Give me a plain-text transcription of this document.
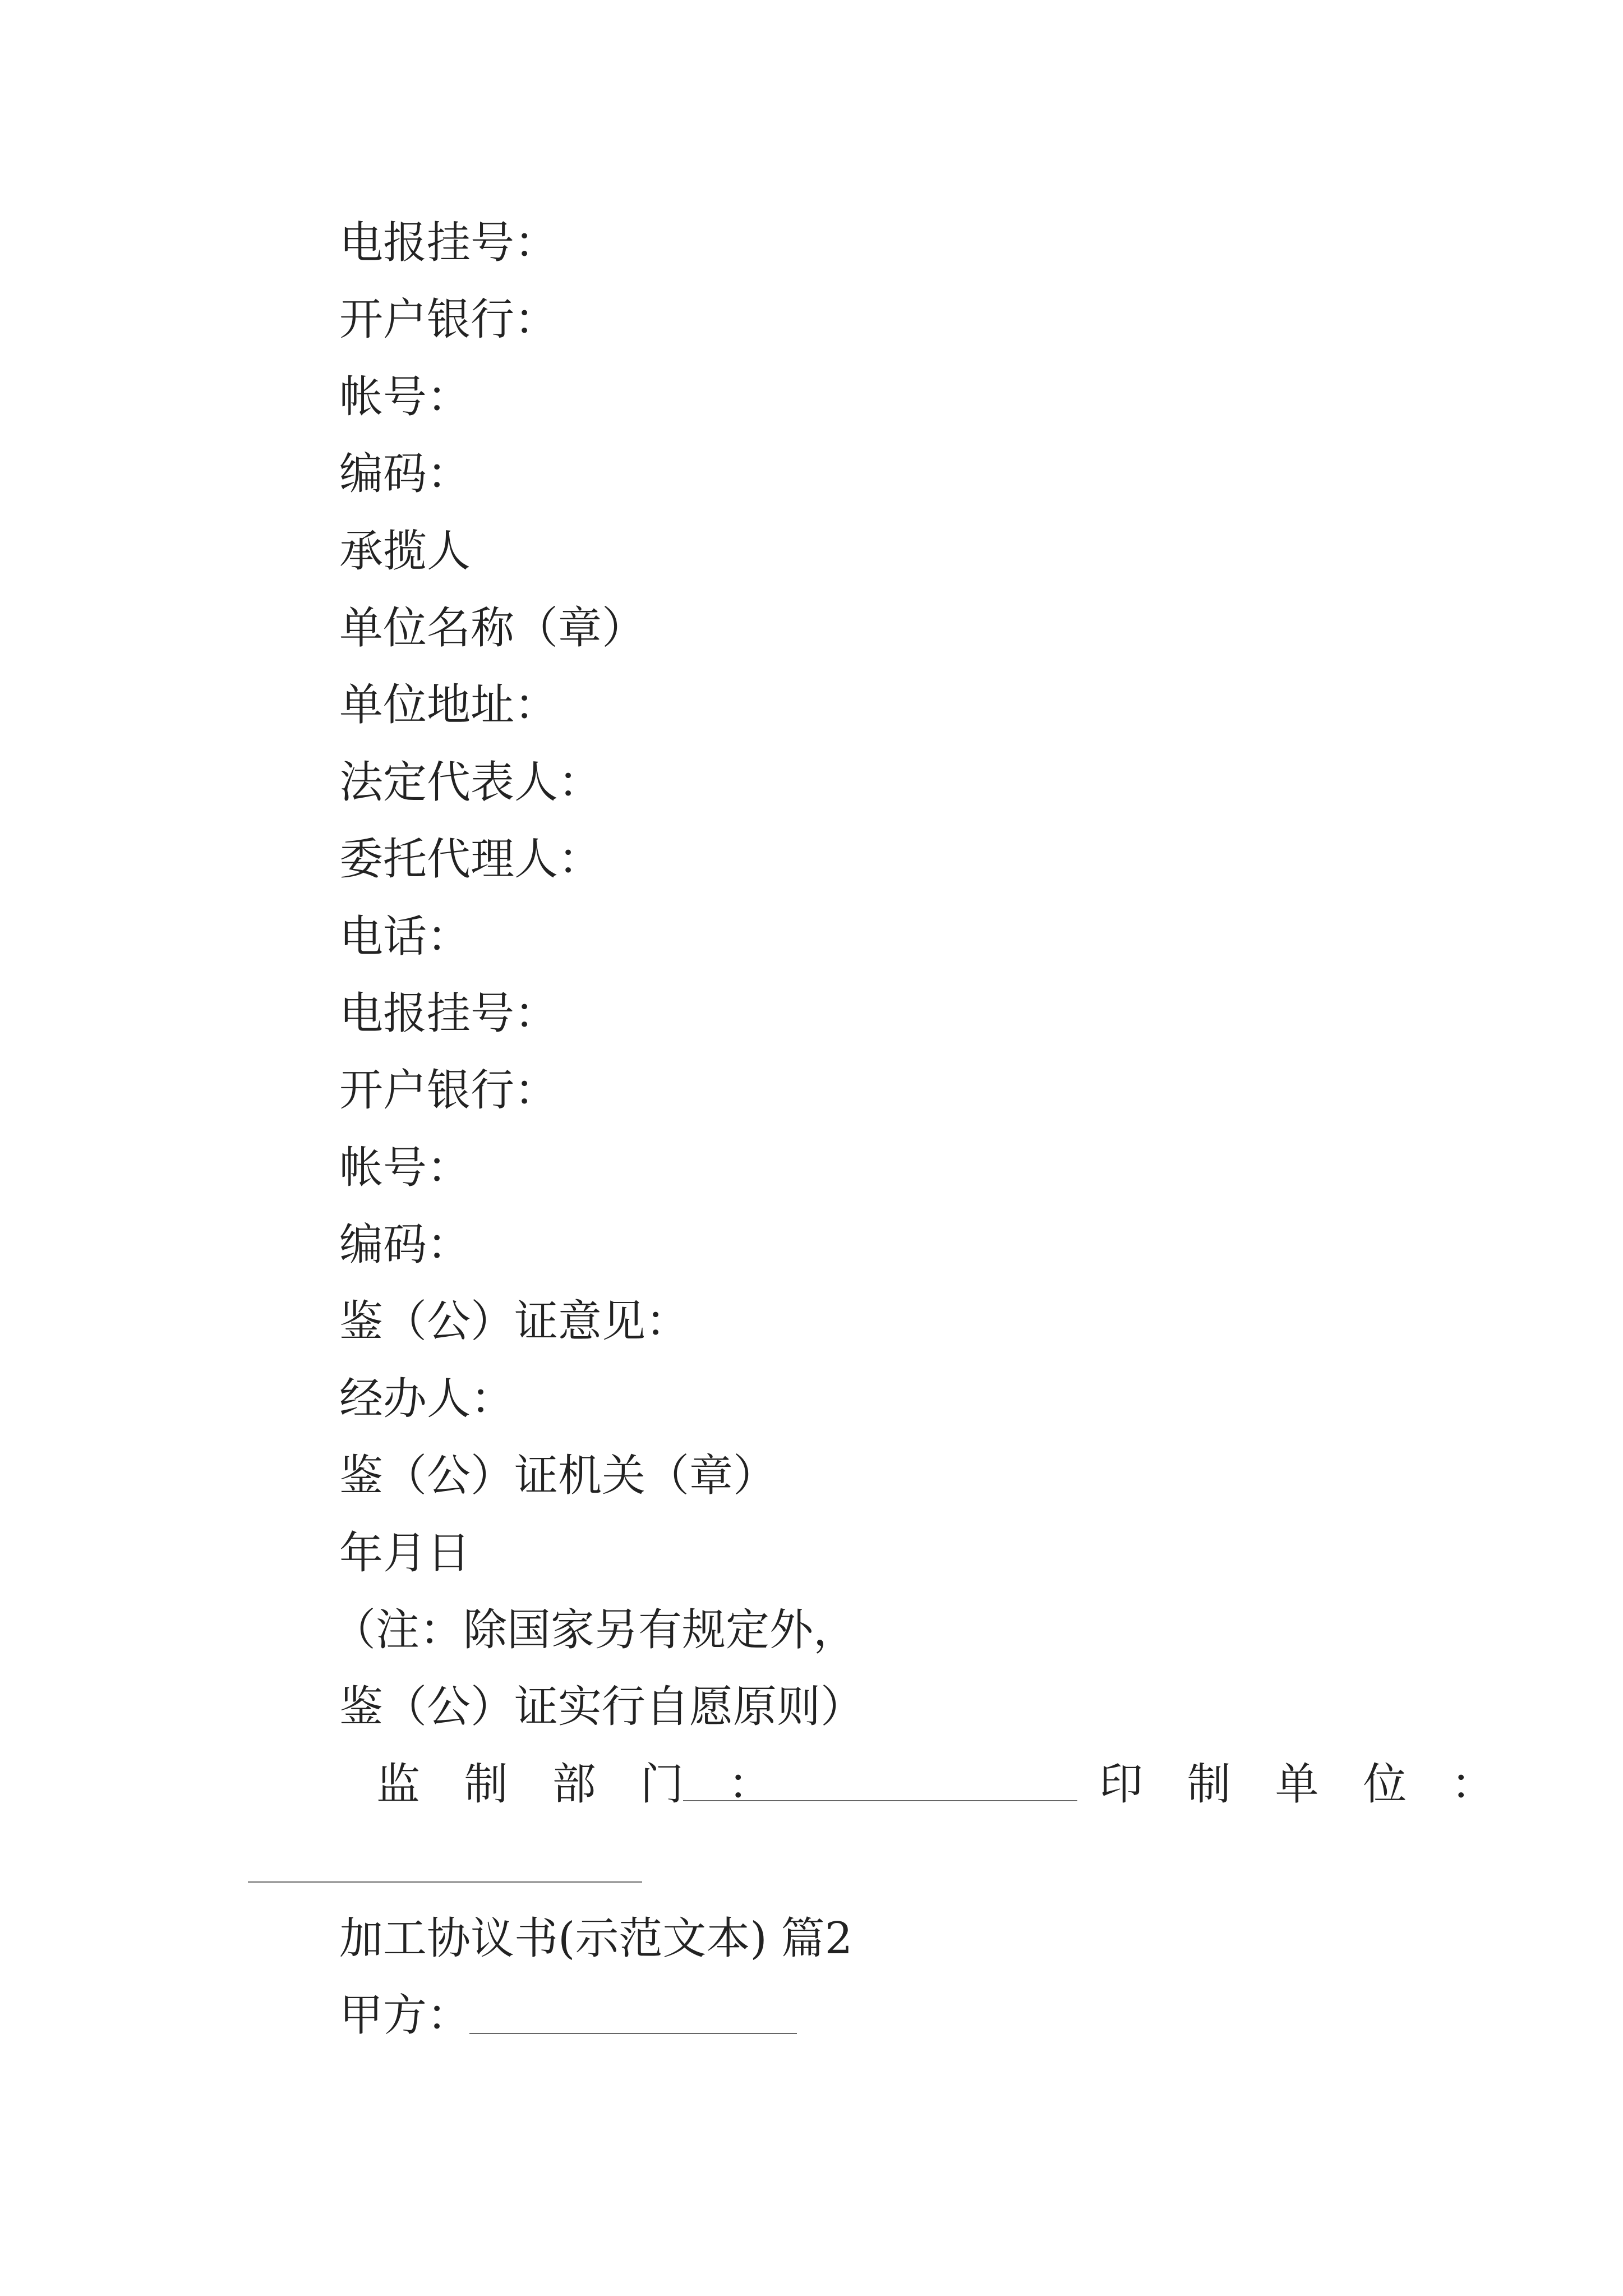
电报挂号：
开户银行：
帐号：
编码：
承揽人
单位名称（章）
单位地址：
法定代表人：
委托代理人：
电话：
电报挂号：
开户银行：
帐号：
编码：
鉴（公）证意见：
经办人：
鉴（公）证机关（章）
年月日
（注：除国家另有规定外，
鉴（公）证实行自愿原则）
监 制 部 门 ：	印 制 单 位 ：
加工协议书(示范文本) 篇2
甲方：
